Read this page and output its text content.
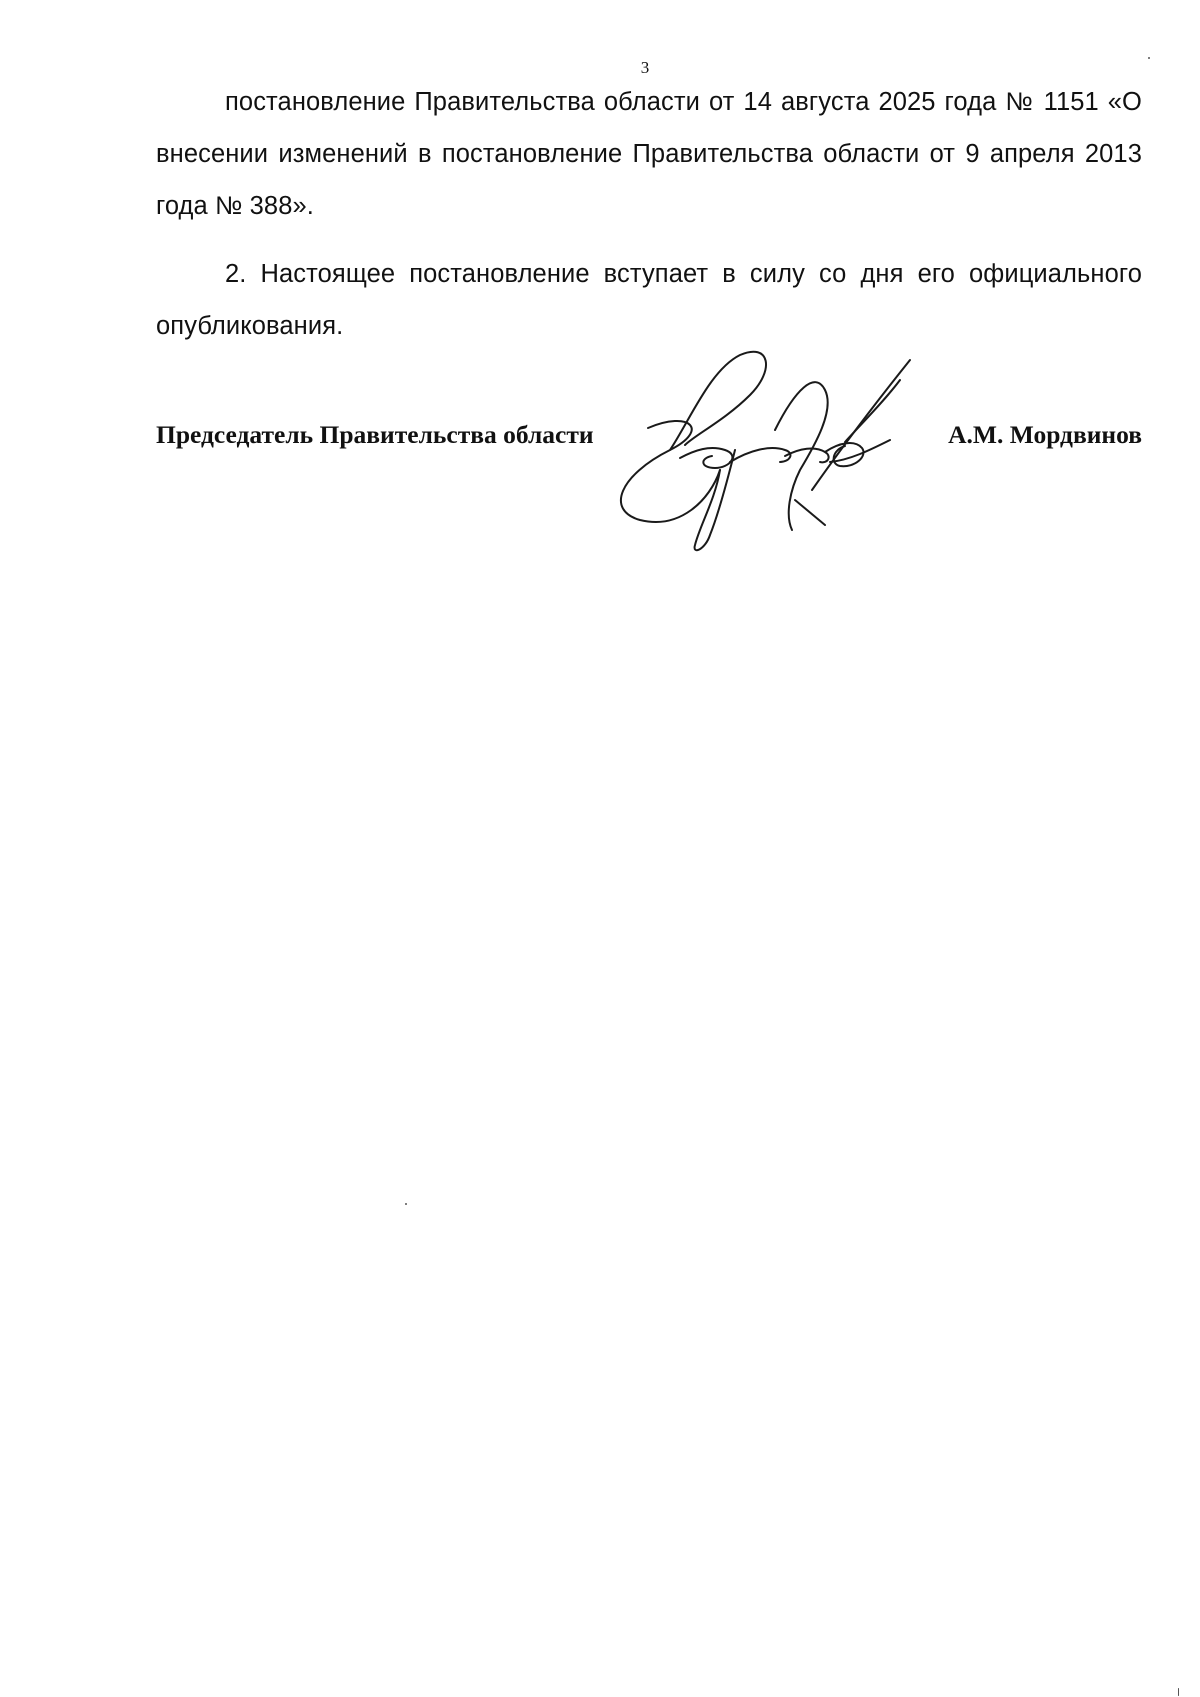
3

постановление Правительства области от 14 августа 2025 года № 1151 «О внесении изменений в постановление Правительства области от 9 апреля 2013 года № 388».

2. Настоящее постановление вступает в силу со дня его официального опубликования.

Председатель Правительства области	А.М. Мордвинов
